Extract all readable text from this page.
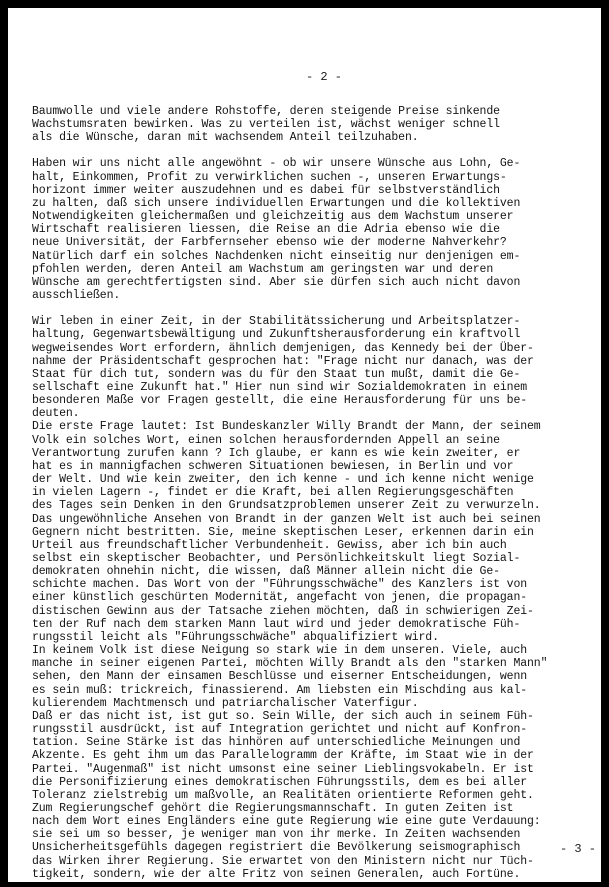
- 2 -
Baumwolle und viele andere Rohstoffe, deren steigende Preise sinkende
Wachstumsraten bewirken. Was zu verteilen ist, wächst weniger schnell
als die Wünsche, daran mit wachsendem Anteil teilzuhaben.
Haben wir uns nicht alle angewöhnt - ob wir unsere Wünsche aus Lohn, Ge-
halt, Einkommen, Profit zu verwirklichen suchen -, unseren Erwartungs-
horizont immer weiter auszudehnen und es dabei für selbstverständlich
zu halten, daß sich unsere individuellen Erwartungen und die kollektiven
Notwendigkeiten gleichermaßen und gleichzeitig aus dem Wachstum unserer
Wirtschaft realisieren liessen, die Reise an die Adria ebenso wie die
neue Universität, der Farbfernseher ebenso wie der moderne Nahverkehr?
Natürlich darf ein solches Nachdenken nicht einseitig nur denjenigen em-
pfohlen werden, deren Anteil am Wachstum am geringsten war und deren
Wünsche am gerechtfertigsten sind. Aber sie dürfen sich auch nicht davon
ausschließen.
Wir leben in einer Zeit, in der Stabilitätssicherung und Arbeitsplatzer-
haltung, Gegenwartsbewältigung und Zukunftsherausforderung ein kraftvoll
wegweisendes Wort erfordern, ähnlich demjenigen, das Kennedy bei der Über-
nahme der Präsidentschaft gesprochen hat: "Frage nicht nur danach, was der
Staat für dich tut, sondern was du für den Staat tun mußt, damit die Ge-
sellschaft eine Zukunft hat." Hier nun sind wir Sozialdemokraten in einem
besonderen Maße vor Fragen gestellt, die eine Herausforderung für uns be-
deuten.
Die erste Frage lautet: Ist Bundeskanzler Willy Brandt der Mann, der seinem
Volk ein solches Wort, einen solchen herausfordernden Appell an seine
Verantwortung zurufen kann ? Ich glaube, er kann es wie kein zweiter, er
hat es in mannigfachen schweren Situationen bewiesen, in Berlin und vor
der Welt. Und wie kein zweiter, den ich kenne - und ich kenne nicht wenige
in vielen Lagern -, findet er die Kraft, bei allen Regierungsgeschäften
des Tages sein Denken in den Grundsatzproblemen unserer Zeit zu verwurzeln.
Das ungewöhnliche Ansehen von Brandt in der ganzen Welt ist auch bei seinen
Gegnern nicht bestritten. Sie, meine skeptischen Leser, erkennen darin ein
Urteil aus freundschaftlicher Verbundenheit. Gewiss, aber ich bin auch
selbst ein skeptischer Beobachter, und Persönlichkeitskult liegt Sozial-
demokraten ohnehin nicht, die wissen, daß Männer allein nicht die Ge-
schichte machen. Das Wort von der "Führungsschwäche" des Kanzlers ist von
einer künstlich geschürten Modernität, angefacht von jenen, die propagan-
distischen Gewinn aus der Tatsache ziehen möchten, daß in schwierigen Zei-
ten der Ruf nach dem starken Mann laut wird und jeder demokratische Füh-
rungsstil leicht als "Führungsschwäche" abqualifiziert wird.
In keinem Volk ist diese Neigung so stark wie in dem unseren. Viele, auch
manche in seiner eigenen Partei, möchten Willy Brandt als den "starken Mann"
sehen, den Mann der einsamen Beschlüsse und eiserner Entscheidungen, wenn
es sein muß: trickreich, finassierend. Am liebsten ein Mischding aus kal-
kulierendem Machtmensch und patriarchalischer Vaterfigur.
Daß er das nicht ist, ist gut so. Sein Wille, der sich auch in seinem Füh-
rungsstil ausdrückt, ist auf Integration gerichtet und nicht auf Konfron-
tation. Seine Stärke ist das hinhören auf unterschiedliche Meinungen und
Akzente. Es geht ihm um das Parallelogramm der Kräfte, im Staat wie in der
Partei. "Augenmaß" ist nicht umsonst eine seiner Lieblingsvokabeln. Er ist
die Personifizierung eines demokratischen Führungsstils, dem es bei aller
Toleranz zielstrebig um maßvolle, an Realitäten orientierte Reformen geht.
Zum Regierungschef gehört die Regierungsmannschaft. In guten Zeiten ist
nach dem Wort eines Engländers eine gute Regierung wie eine gute Verdauung:
sie sei um so besser, je weniger man von ihr merke. In Zeiten wachsenden
Unsicherheitsgefühls dagegen registriert die Bevölkerung seismographisch
das Wirken ihrer Regierung. Sie erwartet von den Ministern nicht nur Tüch-
tigkeit, sondern, wie der alte Fritz von seinen Generalen, auch Fortüne.
- 3 -
